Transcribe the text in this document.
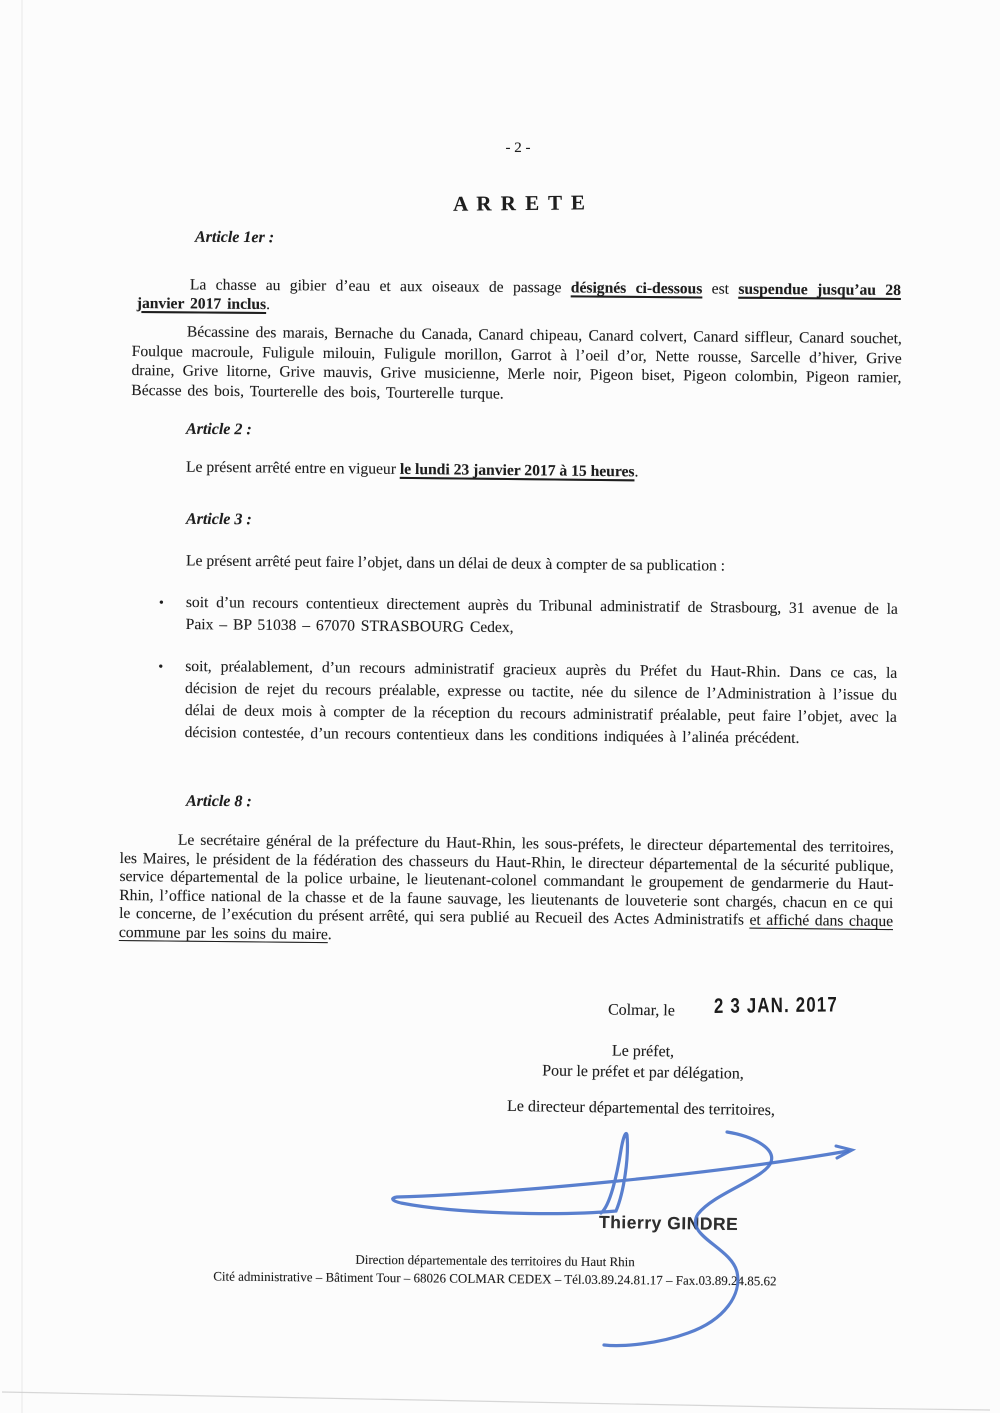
- 2 -
A R R E T E
Article 1er :

La chasse au gibier d’eau et aux oiseaux de passage désignés ci-dessous est suspendue jusqu’au 28 janvier 2017 inclus.

Bécassine des marais, Bernache du Canada, Canard chipeau, Canard colvert, Canard siffleur, Canard souchet, Foulque macroule, Fuligule milouin, Fuligule morillon, Garrot à l’oeil d’or, Nette rousse, Sarcelle d’hiver, Grive draine, Grive litorne, Grive mauvis, Grive musicienne, Merle noir, Pigeon biset, Pigeon colombin, Pigeon ramier, Bécasse des bois, Tourterelle des bois, Tourterelle turque.

Article 2 :

Le présent arrêté entre en vigueur le lundi 23 janvier 2017 à 15 heures.

Article 3 :

Le présent arrêté peut faire l’objet, dans un délai de deux à compter de sa publication :

• soit d’un recours contentieux directement auprès du Tribunal administratif de Strasbourg, 31 avenue de la Paix – BP 51038 – 67070 STRASBOURG Cedex,
• soit, préalablement, d’un recours administratif gracieux auprès du Préfet du Haut-Rhin. Dans ce cas, la décision de rejet du recours préalable, expresse ou tactite, née du silence de l’Administration à l’issue du délai de deux mois à compter de la réception du recours administratif préalable, peut faire l’objet, avec la décision contestée, d’un recours contentieux dans les conditions indiquées à l’alinéa précédent.
Article 8 :

Le secrétaire général de la préfecture du Haut-Rhin, les sous-préfets, le directeur départemental des territoires, les Maires, le président de la fédération des chasseurs du Haut-Rhin, le directeur départemental de la sécurité publique, service départemental de la police urbaine, le lieutenant-colonel commandant le groupement de gendarmerie du Haut-Rhin, l’office national de la chasse et de la faune sauvage, les lieutenants de louveterie sont chargés, chacun en ce qui le concerne, de l’exécution du présent arrêté, qui sera publié au Recueil des Actes Administratifs et affiché dans chaque commune par les soins du maire.

Colmar, le 2 3 JAN. 2017
Le préfet,
Pour le préfet et par délégation,
Le directeur départemental des territoires,
Thierry GINDRE
Direction départementale des territoires du Haut Rhin
Cité administrative – Bâtiment Tour – 68026 COLMAR CEDEX – Tél.03.89.24.81.17 – Fax.03.89.24.85.62
